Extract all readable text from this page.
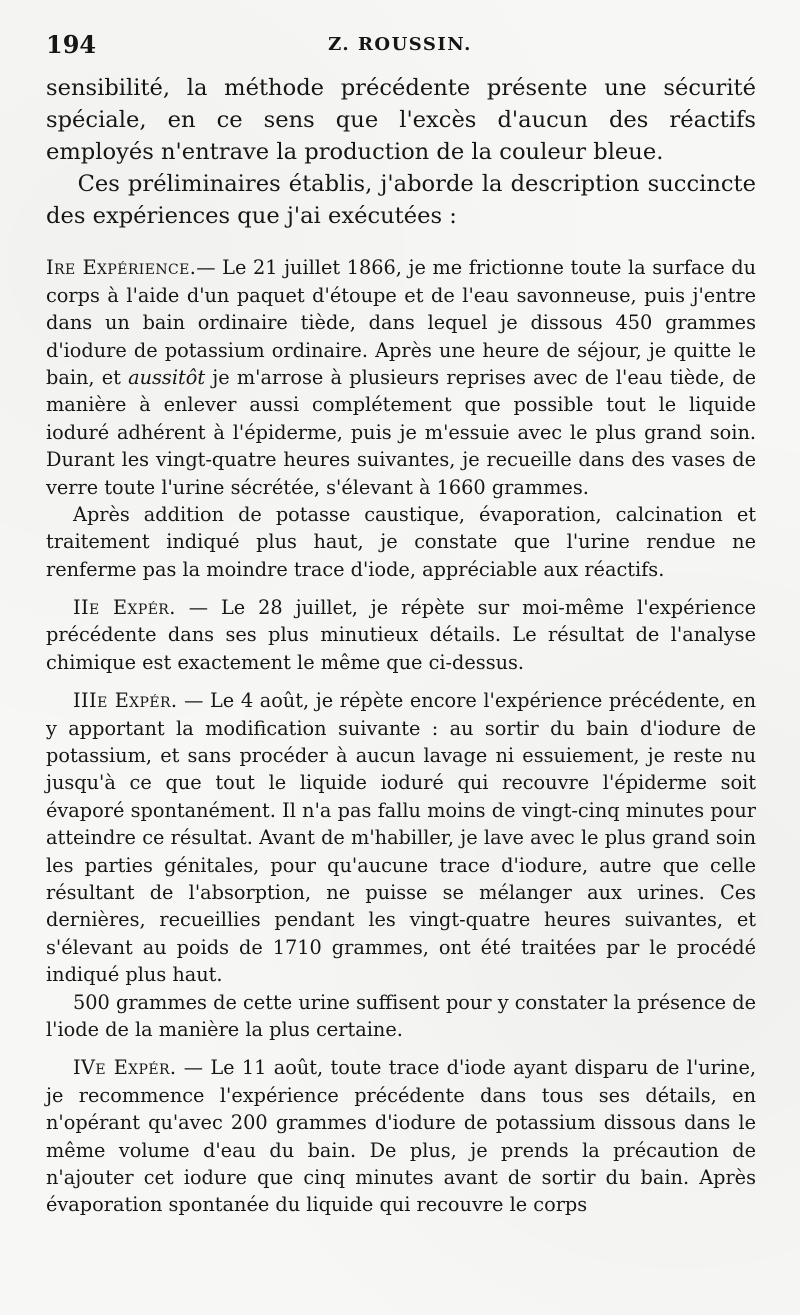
194	Z. ROUSSIN.

sensibilité, la méthode précédente présente une sécurité spéciale, en ce sens que l'excès d'aucun des réactifs employés n'entrave la production de la couleur bleue.

Ces préliminaires établis, j'aborde la description succincte des expériences que j'ai exécutées :

Ire Expérience.— Le 21 juillet 1866, je me frictionne toute la surface du corps à l'aide d'un paquet d'étoupe et de l'eau savonneuse, puis j'entre dans un bain ordinaire tiède, dans lequel je dissous 450 grammes d'iodure de potassium ordinaire. Après une heure de séjour, je quitte le bain, et aussitôt je m'arrose à plusieurs reprises avec de l'eau tiède, de manière à enlever aussi complétement que possible tout le liquide ioduré adhérent à l'épiderme, puis je m'essuie avec le plus grand soin. Durant les vingt-quatre heures suivantes, je recueille dans des vases de verre toute l'urine sécrétée, s'élevant à 1660 grammes.

Après addition de potasse caustique, évaporation, calcination et traitement indiqué plus haut, je constate que l'urine rendue ne renferme pas la moindre trace d'iode, appréciable aux réactifs.

IIe Expér. — Le 28 juillet, je répète sur moi-même l'expérience précédente dans ses plus minutieux détails. Le résultat de l'analyse chimique est exactement le même que ci-dessus.

IIIe Expér. — Le 4 août, je répète encore l'expérience précédente, en y apportant la modification suivante : au sortir du bain d'iodure de potassium, et sans procéder à aucun lavage ni essuiement, je reste nu jusqu'à ce que tout le liquide ioduré qui recouvre l'épiderme soit évaporé spontanément. Il n'a pas fallu moins de vingt-cinq minutes pour atteindre ce résultat. Avant de m'habiller, je lave avec le plus grand soin les parties génitales, pour qu'aucune trace d'iodure, autre que celle résultant de l'absorption, ne puisse se mélanger aux urines. Ces dernières, recueillies pendant les vingt-quatre heures suivantes, et s'élevant au poids de 1710 grammes, ont été traitées par le procédé indiqué plus haut.

500 grammes de cette urine suffisent pour y constater la présence de l'iode de la manière la plus certaine.

IVe Expér. — Le 11 août, toute trace d'iode ayant disparu de l'urine, je recommence l'expérience précédente dans tous ses détails, en n'opérant qu'avec 200 grammes d'iodure de potassium dissous dans le même volume d'eau du bain. De plus, je prends la précaution de n'ajouter cet iodure que cinq minutes avant de sortir du bain. Après évaporation spontanée du liquide qui recouvre le corps
